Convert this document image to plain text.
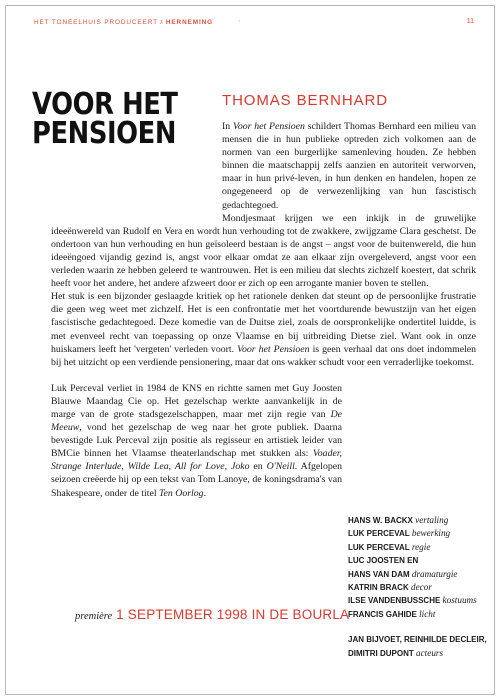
HET TONEELHUIS PRODUCEERT / HERNEMING	·	11
VOOR HET
PENSIOEN
THOMAS BERNHARD

In Voor het Pensioen schildert Thomas Bernhard een milieu van mensen die in hun publieke optreden zich volkomen aan de normen van een burgerlijke samenleving houden. Ze hebben binnen die maatschappij zelfs aanzien en autoriteit verworven, maar in hun privé-leven, in hun denken en handelen, hopen ze ongegeneerd op de verwezenlijking van hun fascistisch gedachtegoed.

Mondjesmaat krijgen we een inkijk in de gruwelijke ideeënwereld van Rudolf en Vera en wordt hun verhouding tot de zwakkere, zwijgzame Clara geschetst. De ondertoon van hun verhouding en hun geïsoleerd bestaan is de angst – angst voor de buitenwereld, die hun ideeëngoed vijandig gezind is, angst voor elkaar omdat ze aan elkaar zijn overgeleverd, angst voor een verleden waarin ze hebben geleerd te wantrouwen. Het is een milieu dat slechts zichzelf koestert, dat schrik heeft voor het andere, het andere afzweert door er zich op een arrogante manier boven te stellen.

Het stuk is een bijzonder geslaagde kritiek op het rationele denken dat steunt op de persoonlijke frustratie die geen weg weet met zichzelf. Het is een confrontatie met het voortdurende bewustzijn van het eigen fascistische gedachtegoed. Deze komedie van de Duitse ziel, zoals de oorspronkelijke ondertitel luidde, is met evenveel recht van toepassing op onze Vlaamse en bij uitbreiding Dietse ziel. Want ook in onze huiskamers leeft het 'vergeten' verleden voort. Voor het Pensioen is geen verhaal dat ons doet indommelen bij het uitzicht op een verdiende pensionering, maar dat ons wakker schudt voor een verraderlijke toekomst.

Luk Perceval verliet in 1984 de KNS en richtte samen met Guy Joosten Blauwe Maandag Cie op. Het gezelschap werkte aanvankelijk in de marge van de grote stadsgezelschappen, maar met zijn regie van De Meeuw, vond het gezelschap de weg naar het grote publiek. Daarna bevestigde Luk Perceval zijn positie als regisseur en artistiek leider van BMCie binnen het Vlaamse theaterlandschap met stukken als: Voader, Strange Interlude, Wilde Lea, All for Love, Joko en O'Neill. Afgelopen seizoen creëerde hij op een tekst van Tom Lanoye, de koningsdrama's van Shakespeare, onder de titel Ten Oorlog.

HANS W. BACKX vertaling
LUK PERCEVAL bewerking
LUK PERCEVAL regie
LUC JOOSTEN EN
HANS VAN DAM dramaturgie
KATRIN BRACK decor
ILSE VANDENBUSSCHE kostuums
FRANCIS GAHIDE licht
JAN BIJVOET, REINHILDE DECLEIR,
DIMITRI DUPONT acteurs
première 1 SEPTEMBER 1998 IN DE BOURLA
